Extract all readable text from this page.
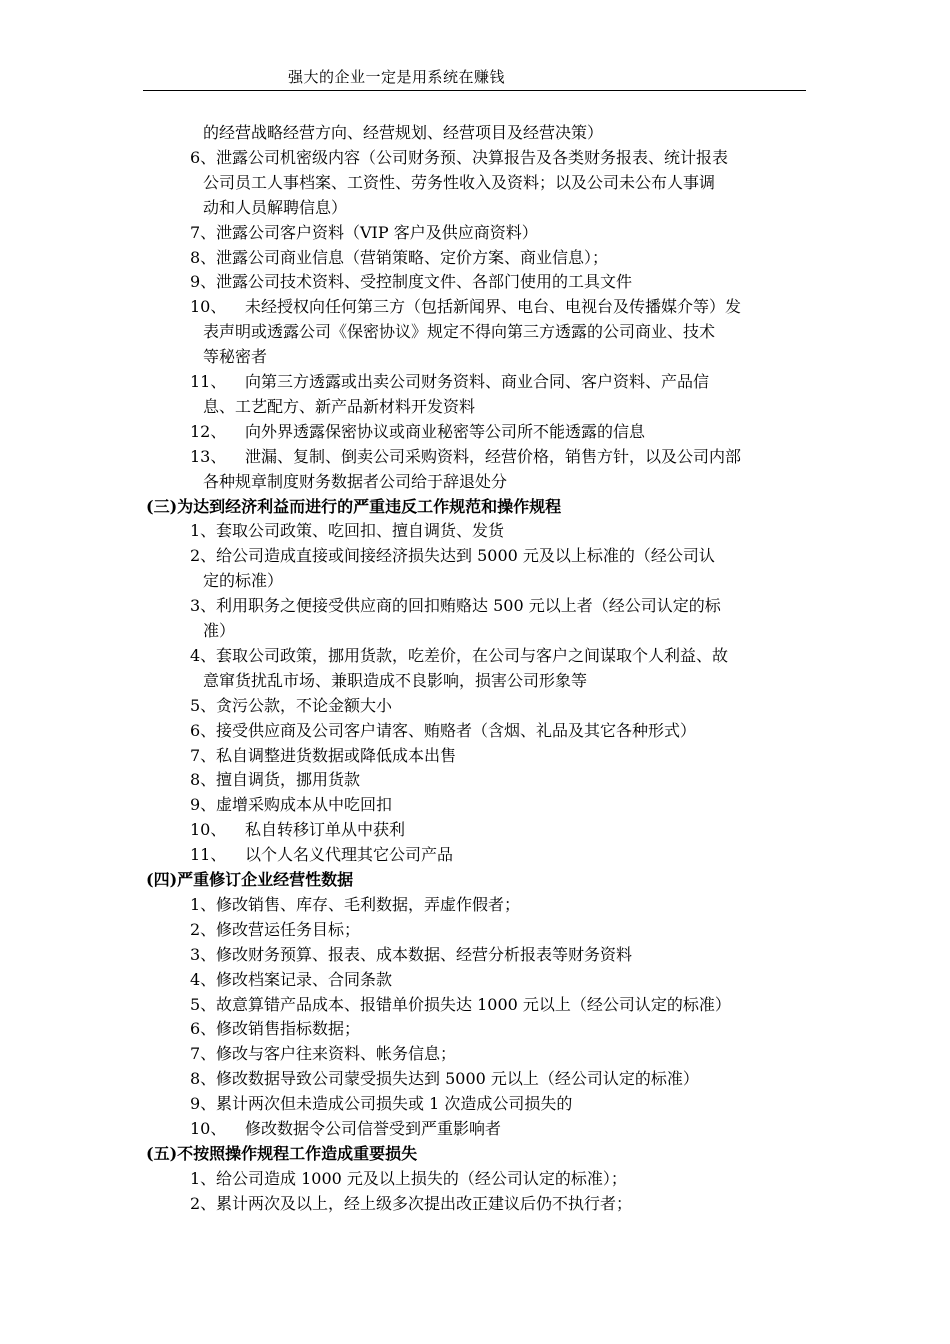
强大的企业一定是用系统在赚钱
的经营战略经营方向、经营规划、经营项目及经营决策）
6、 泄露公司机密级内容（公司财务预、决算报告及各类财务报表、统计报表
公司员工人事档案、工资性、劳务性收入及资料；以及公司未公布人事调
动和人员解聘信息）
7、 泄露公司客户资料（VIP 客户及供应商资料）
8、 泄露公司商业信息（营销策略、定价方案、商业信息）；
9、 泄露公司技术资料、受控制度文件、各部门使用的工具文件
10、 未经授权向任何第三方（包括新闻界、电台、电视台及传播媒介等）发
表声明或透露公司《保密协议》规定不得向第三方透露的公司商业、技术
等秘密者
11、 向第三方透露或出卖公司财务资料、商业合同、客户资料、产品信
息、工艺配方、新产品新材料开发资料
12、 向外界透露保密协议或商业秘密等公司所不能透露的信息
13、 泄漏、复制、倒卖公司采购资料，经营价格，销售方针，以及公司内部
各种规章制度财务数据者公司给于辞退处分
(三)为达到经济利益而进行的严重违反工作规范和操作规程
1、 套取公司政策、吃回扣、擅自调货、发货
2、 给公司造成直接或间接经济损失达到 5000 元及以上标准的（经公司认
定的标准）
3、 利用职务之便接受供应商的回扣贿赂达 500 元以上者（经公司认定的标
准）
4、 套取公司政策，挪用货款，吃差价，在公司与客户之间谋取个人利益、故
意窜货扰乱市场、兼职造成不良影响，损害公司形象等
5、 贪污公款，不论金额大小
6、 接受供应商及公司客户请客、贿赂者（含烟、礼品及其它各种形式）
7、 私自调整进货数据或降低成本出售
8、 擅自调货，挪用货款
9、 虚增采购成本从中吃回扣
10、 私自转移订单从中获利
11、 以个人名义代理其它公司产品
(四)严重修订企业经营性数据
1、 修改销售、库存、毛利数据，弄虚作假者；
2、 修改营运任务目标；
3、 修改财务预算、报表、成本数据、经营分析报表等财务资料
4、 修改档案记录、合同条款
5、 故意算错产品成本、报错单价损失达 1000 元以上（经公司认定的标准）
6、 修改销售指标数据；
7、 修改与客户往来资料、帐务信息；
8、 修改数据导致公司蒙受损失达到 5000 元以上（经公司认定的标准）
9、 累计两次但未造成公司损失或 1 次造成公司损失的
10、 修改数据令公司信誉受到严重影响者
(五)不按照操作规程工作造成重要损失
1、 给公司造成 1000 元及以上损失的（经公司认定的标准）；
2、 累计两次及以上，经上级多次提出改正建议后仍不执行者；
